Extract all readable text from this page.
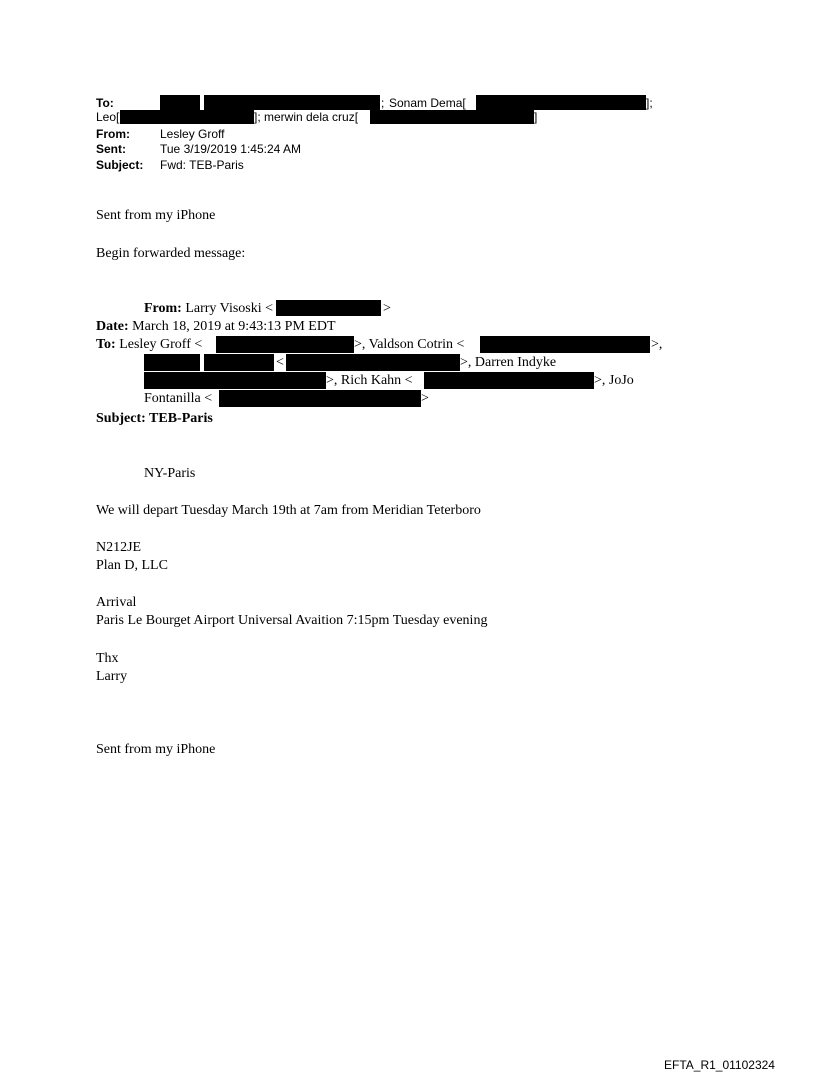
To:	; Sonam Dema[	];
Leo[	]; merwin dela cruz[	]
From:	Lesley Groff
Sent:	Tue 3/19/2019 1:45:24 AM
Subject: Fwd: TEB-Paris
Sent from my iPhone
Begin forwarded message:
From: Larry Visoski <	>
Date: March 18, 2019 at 9:43:13 PM EDT
To: Lesley Groff <	>, Valdson Cotrin <	>,
<	>, Darren Indyke
>, Rich Kahn <	>, JoJo
Fontanilla <	>
Subject: TEB-Paris
NY-Paris
We will depart Tuesday March 19th at 7am from Meridian Teterboro
N212JE
Plan D, LLC
Arrival
Paris Le Bourget Airport Universal Avaition 7:15pm Tuesday evening
Thx
Larry
Sent from my iPhone
EFTA_R1_01102324
